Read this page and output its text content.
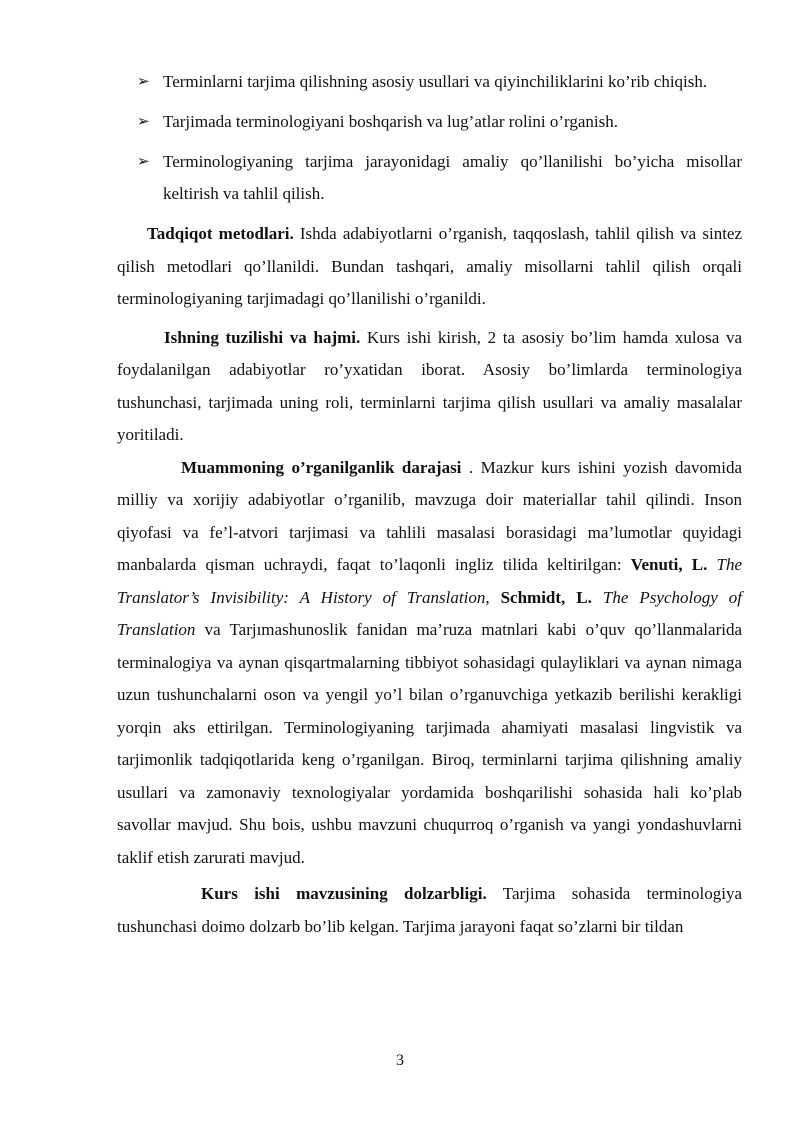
➢ Terminlarni tarjima qilishning asosiy usullari va qiyinchiliklarini ko’rib chiqish.
➢ Tarjimada terminologiyani boshqarish va lug’atlar rolini o’rganish.
➢ Terminologiyaning tarjima jarayonidagi amaliy qo’llanilishi bo’yicha misollar keltirish va tahlil qilish.

Tadqiqot metodlari. Ishda adabiyotlarni o’rganish, taqqoslash, tahlil qilish va sintez qilish metodlari qo’llanildi. Bundan tashqari, amaliy misollarni tahlil qilish orqali terminologiyaning tarjimadagi qo’llanilishi o’rganildi.

Ishning tuzilishi va hajmi. Kurs ishi kirish, 2 ta asosiy bo’lim hamda xulosa va foydalanilgan adabiyotlar ro’yxatidan iborat. Asosiy bo’limlarda terminologiya tushunchasi, tarjimada uning roli, terminlarni tarjima qilish usullari va amaliy masalalar yoritiladi.

Muammoning o’rganilganlik darajasi . Mazkur kurs ishini yozish davomida milliy va xorijiy adabiyotlar o’rganilib, mavzuga doir materiallar tahil qilindi. Inson qiyofasi va fe’l-atvori tarjimasi va tahlili masalasi borasidagi ma’lumotlar quyidagi manbalarda qisman uchraydi, faqat to’laqonli ingliz tilida keltirilgan: Venuti, L. The Translator’s Invisibility: A History of Translation, Schmidt, L. The Psychology of Translation va Tarjımashunoslik fanidan ma’ruza matnlari kabi o’quv qo’llanmalarida terminalogiya va aynan qisqartmalarning tibbiyot sohasidagi qulayliklari va aynan nimaga uzun tushunchalarni oson va yengil yo’l bilan o’rganuvchiga yetkazib berilishi kerakligi yorqin aks ettirilgan. Terminologiyaning tarjimada ahamiyati masalasi lingvistik va tarjimonlik tadqiqotlarida keng o’rganilgan. Biroq, terminlarni tarjima qilishning amaliy usullari va zamonaviy texnologiyalar yordamida boshqarilishi sohasida hali ko’plab savollar mavjud. Shu bois, ushbu mavzuni chuqurroq o’rganish va yangi yondashuvlarni taklif etish zarurati mavjud.

Kurs ishi mavzusining dolzarbligi. Tarjima sohasida terminologiya tushunchasi doimo dolzarb bo’lib kelgan. Tarjima jarayoni faqat so’zlarni bir tildan

3
